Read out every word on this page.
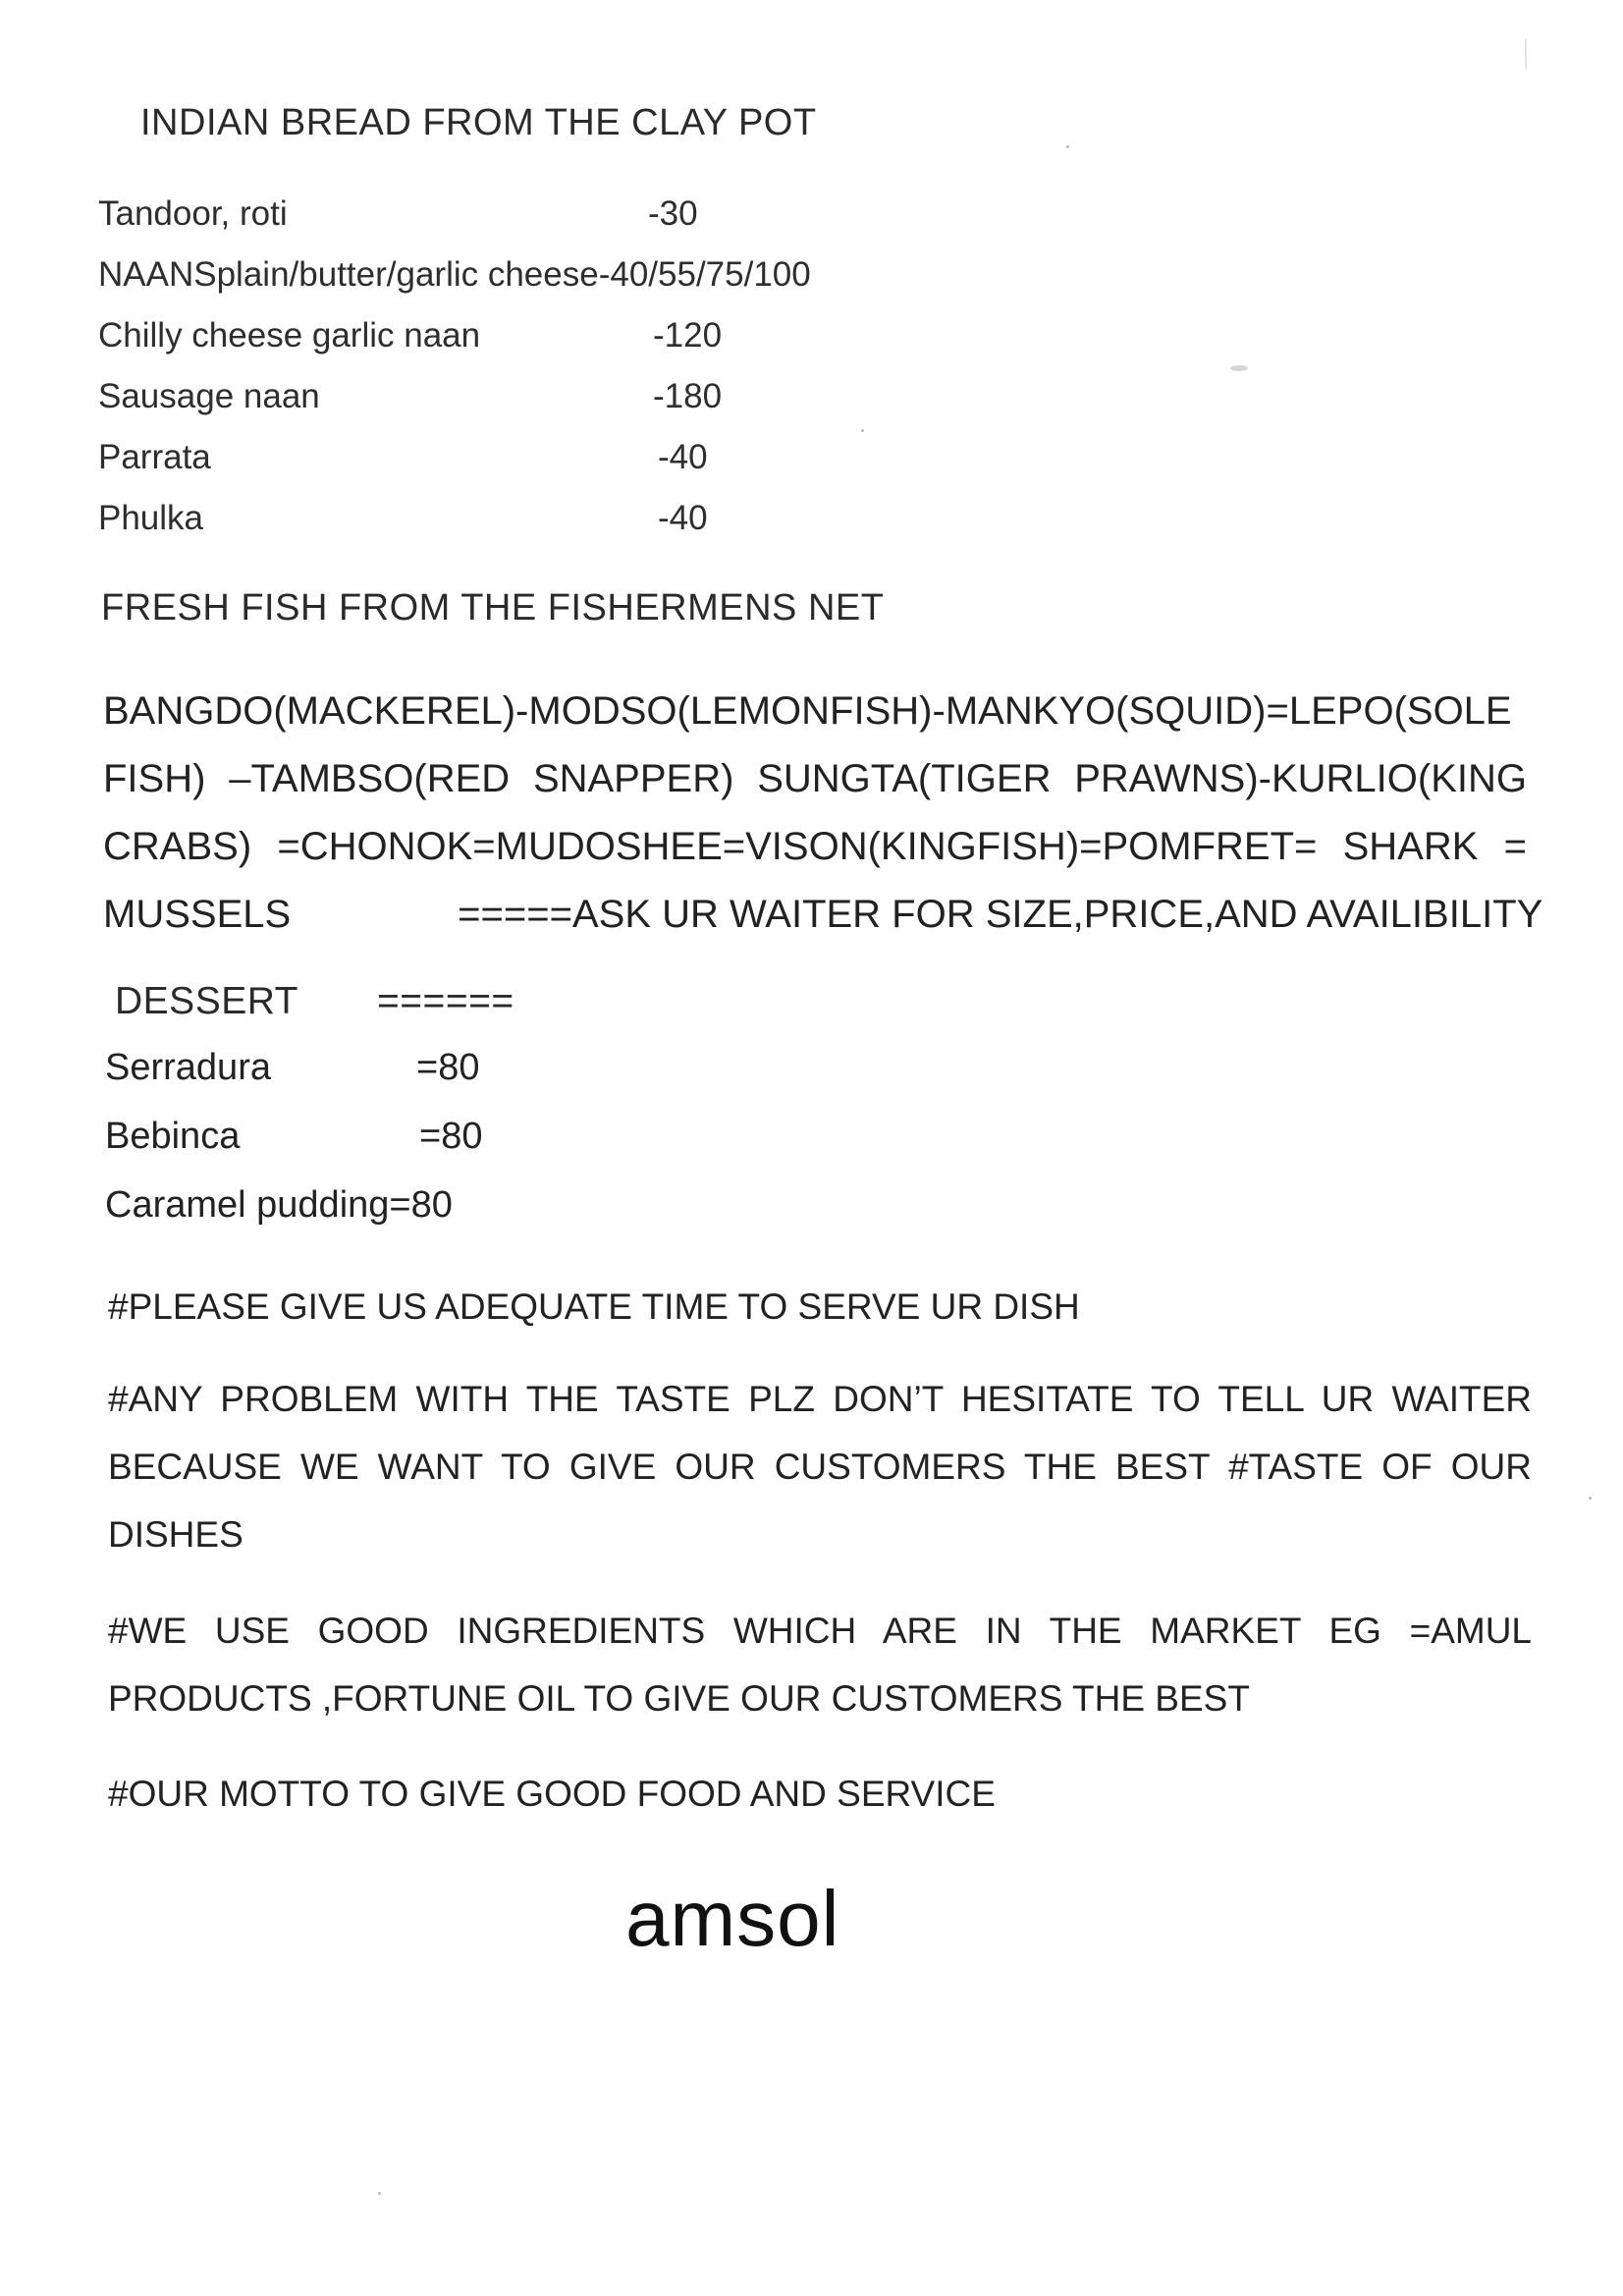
INDIAN BREAD FROM THE CLAY POT
Tandoor, roti	-30
NAANSplain/butter/garlic cheese-40/55/75/100
Chilly cheese garlic naan	-120
Sausage naan	-180
Parrata	-40
Phulka	-40
FRESH FISH FROM THE FISHERMENS NET
BANGDO(MACKEREL)-MODSO(LEMONFISH)-MANKYO(SQUID)=LEPO(SOLE
FISH) –TAMBSO(RED SNAPPER) SUNGTA(TIGER PRAWNS)-KURLIO(KING
CRABS) =CHONOK=MUDOSHEE=VISON(KINGFISH)=POMFRET= SHARK =
MUSSELS	=====ASK UR WAITER FOR SIZE,PRICE,AND AVAILIBILITY
DESSERT ======
Serradura	=80
Bebinca	=80
Caramel pudding=80
#PLEASE GIVE US ADEQUATE TIME TO SERVE UR DISH
#ANY PROBLEM WITH THE TASTE PLZ DON’T HESITATE TO TELL UR WAITER
BECAUSE WE WANT TO GIVE OUR CUSTOMERS THE BEST #TASTE OF OUR
DISHES
#WE USE GOOD INGREDIENTS WHICH ARE IN THE MARKET EG =AMUL
PRODUCTS ,FORTUNE OIL TO GIVE OUR CUSTOMERS THE BEST
#OUR MOTTO TO GIVE GOOD FOOD AND SERVICE
amsol
